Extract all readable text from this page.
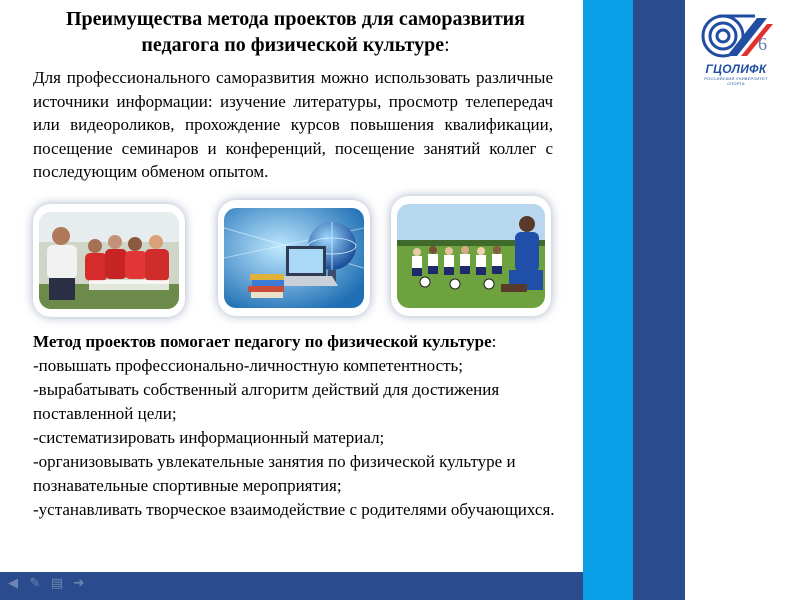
Преимущества метода проектов для саморазвития педагога по физической культуре:
Для профессионального саморазвития можно использовать различные источники информации: изучение литературы, просмотр телепередач или видеороликов, прохождение курсов повышения квалификации, посещение семинаров и конференций, посещение занятий коллег с последующим обменом опытом.
Метод проектов помогает педагогу по физической культуре:
-повышать профессионально-личностную компетентность;
-вырабатывать собственный алгоритм действий для достижения поставленной цели;
-систематизировать информационный материал;
-организовывать увлекательные занятия по физической культуре и познавательные спортивные мероприятия;
-устанавливать творческое взаимодействие с родителями обучающихся.
ГЦОЛИФК
РОССИЙСКИЙ УНИВЕРСИТЕТ СПОРТА
6
◀ ✎ ▤ ➔
